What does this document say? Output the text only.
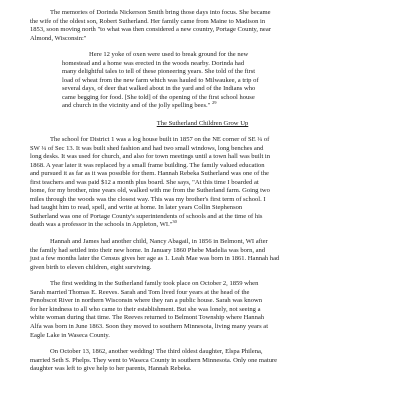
The memories of Dorinda Nickerson Smith bring those days into focus. She became
the wife of the oldest son, Robert Sutherland. Her family came from Maine to Madison in
1853, soon moving north "to what was then considered a new country, Portage County, near
Almond, Wisconsin:"

Here 12 yoke of oxen were used to break ground for the new
homestead and a home was erected in the woods nearby. Dorinda had
many delightful tales to tell of these pioneering years. She told of the first
load of wheat from the new farm which was hauled to Milwaukee, a trip of
several days, of deer that walked about in the yard and of the Indians who
came begging for food. [She told] of the opening of the first school house
and church in the vicinity and of the jolly spelling bees." $^{29}$

The Sutherland Children Grow Up

The school for District 1 was a log house built in 1857 on the NE corner of SE ¼ of
SW ¼ of Sec 13. It was built shed fashion and had two small windows, long benches and
long desks. It was used for church, and also for town meetings until a town hall was built in
1868. A year later it was replaced by a small frame building. The family valued education
and pursued it as far as it was possible for them. Hannah Rebeka Sutherland was one of the
first teachers and was paid $12 a month plus board. She says, "At this time I boarded at
home, for my brother, nine years old, walked with me from the Sutherland farm. Going two
miles through the woods was the closest way. This was my brother's first term of school. I
had taught him to read, spell, and write at home. In later years Collin Stephenson
Sutherland was one of Portage County's superintendents of schools and at the time of his
death was a professor in the schools in Appleton, WI."$^{30}$

Hannah and James had another child, Nancy Abagail, in 1856 in Belmont, WI after
the family had settled into their new home. In January 1860 Phebe Madelia was born, and
just a few months later the Census gives her age as 1. Leah Mae was born in 1861. Hannah had
given birth to eleven children, eight surviving.

The first wedding in the Sutherland family took place on October 2, 1859 when
Sarah married Thomas E. Reeves. Sarah and Tom lived four years at the head of the
Penobscot River in northern Wisconsin where they ran a public house. Sarah was known
for her kindness to all who came to their establishment. But she was lonely, not seeing a
white woman during that time. The Reeves returned to Belmont Township where Hannah
Alfa was born in June 1863. Soon they moved to southern Minnesota, living many years at
Eagle Lake in Waseca County.

On October 13, 1862, another wedding! The third oldest daughter, Elspa Philena,
married Seth S. Phelps. They went to Waseca County in southern Minnesota. Only one mature
daughter was left to give help to her parents, Hannah Rebeka.
